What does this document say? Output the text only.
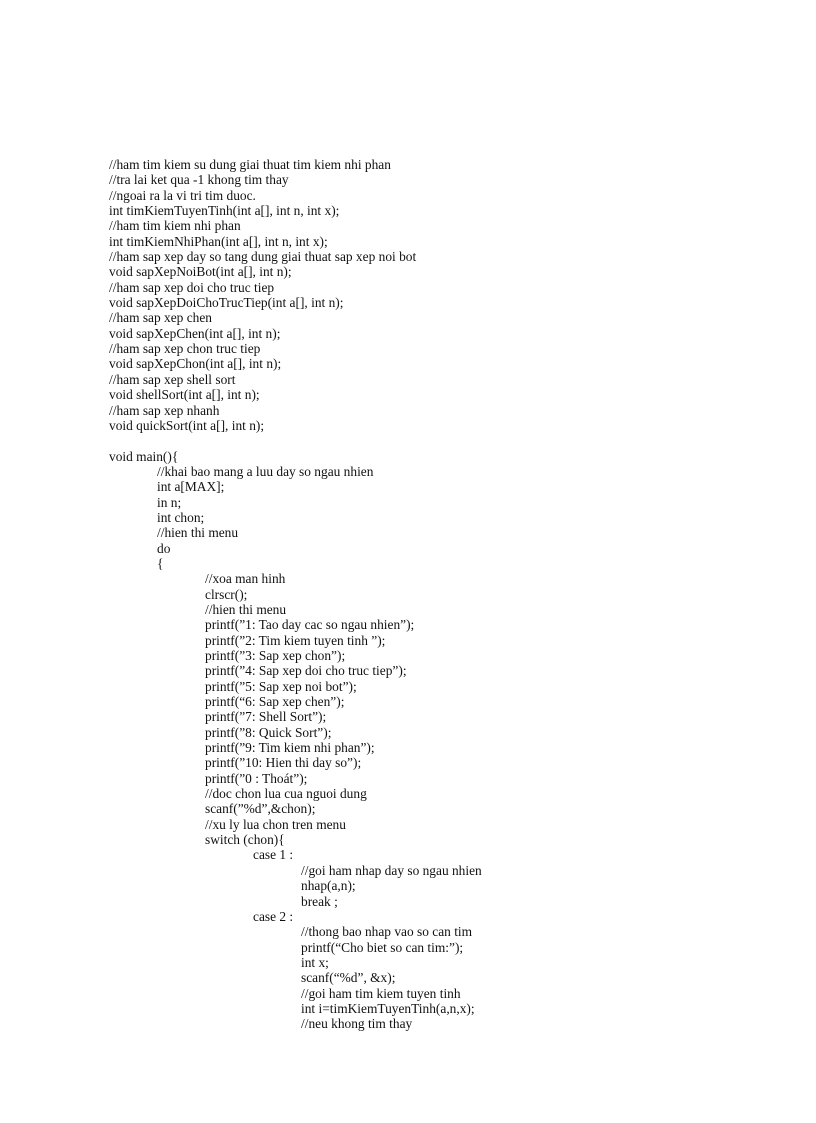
//ham tim kiem su dung giai thuat tim kiem nhi phan
//tra lai ket qua -1 khong tim thay
//ngoai ra la vi tri tim duoc.
int timKiemTuyenTinh(int a[], int n, int x);
//ham tim kiem nhi phan
int timKiemNhiPhan(int a[], int n, int x);
//ham sap xep day so tang dung giai thuat sap xep noi bot
void sapXepNoiBot(int a[], int n);
//ham sap xep doi cho truc tiep
void sapXepDoiChoTrucTiep(int a[], int n);
//ham sap xep chen
void sapXepChen(int a[], int n);
//ham sap xep chon truc tiep
void sapXepChon(int a[], int n);
//ham sap xep shell sort
void shellSort(int a[], int n);
//ham sap xep nhanh
void quickSort(int a[], int n);
void main(){
//khai bao mang a luu day so ngau nhien
int a[MAX];
in n;
int chon;
//hien thi menu
do
{
//xoa man hinh
clrscr();
//hien thi menu
printf(”1: Tao day cac so ngau nhien”);
printf(”2: Tim kiem tuyen tinh ”);
printf(”3: Sap xep chon”);
printf(”4: Sap xep doi cho truc tiep”);
printf(”5: Sap xep noi bot”);
printf(“6: Sap xep chen”);
printf(”7: Shell Sort”);
printf(”8: Quick Sort”);
printf(”9: Tim kiem nhi phan”);
printf(”10: Hien thi day so”);
printf(”0 : Thoát”);
//doc chon lua cua nguoi dung
scanf(”%d”,&chon);
//xu ly lua chon tren menu
switch (chon){
case 1 :
//goi ham nhap day so ngau nhien
nhap(a,n);
break ;
case 2 :
//thong bao nhap vao so can tim
printf(“Cho biet so can tim:”);
int x;
scanf(“%d”, &x);
//goi ham tim kiem tuyen tinh
int i=timKiemTuyenTinh(a,n,x);
//neu khong tim thay
